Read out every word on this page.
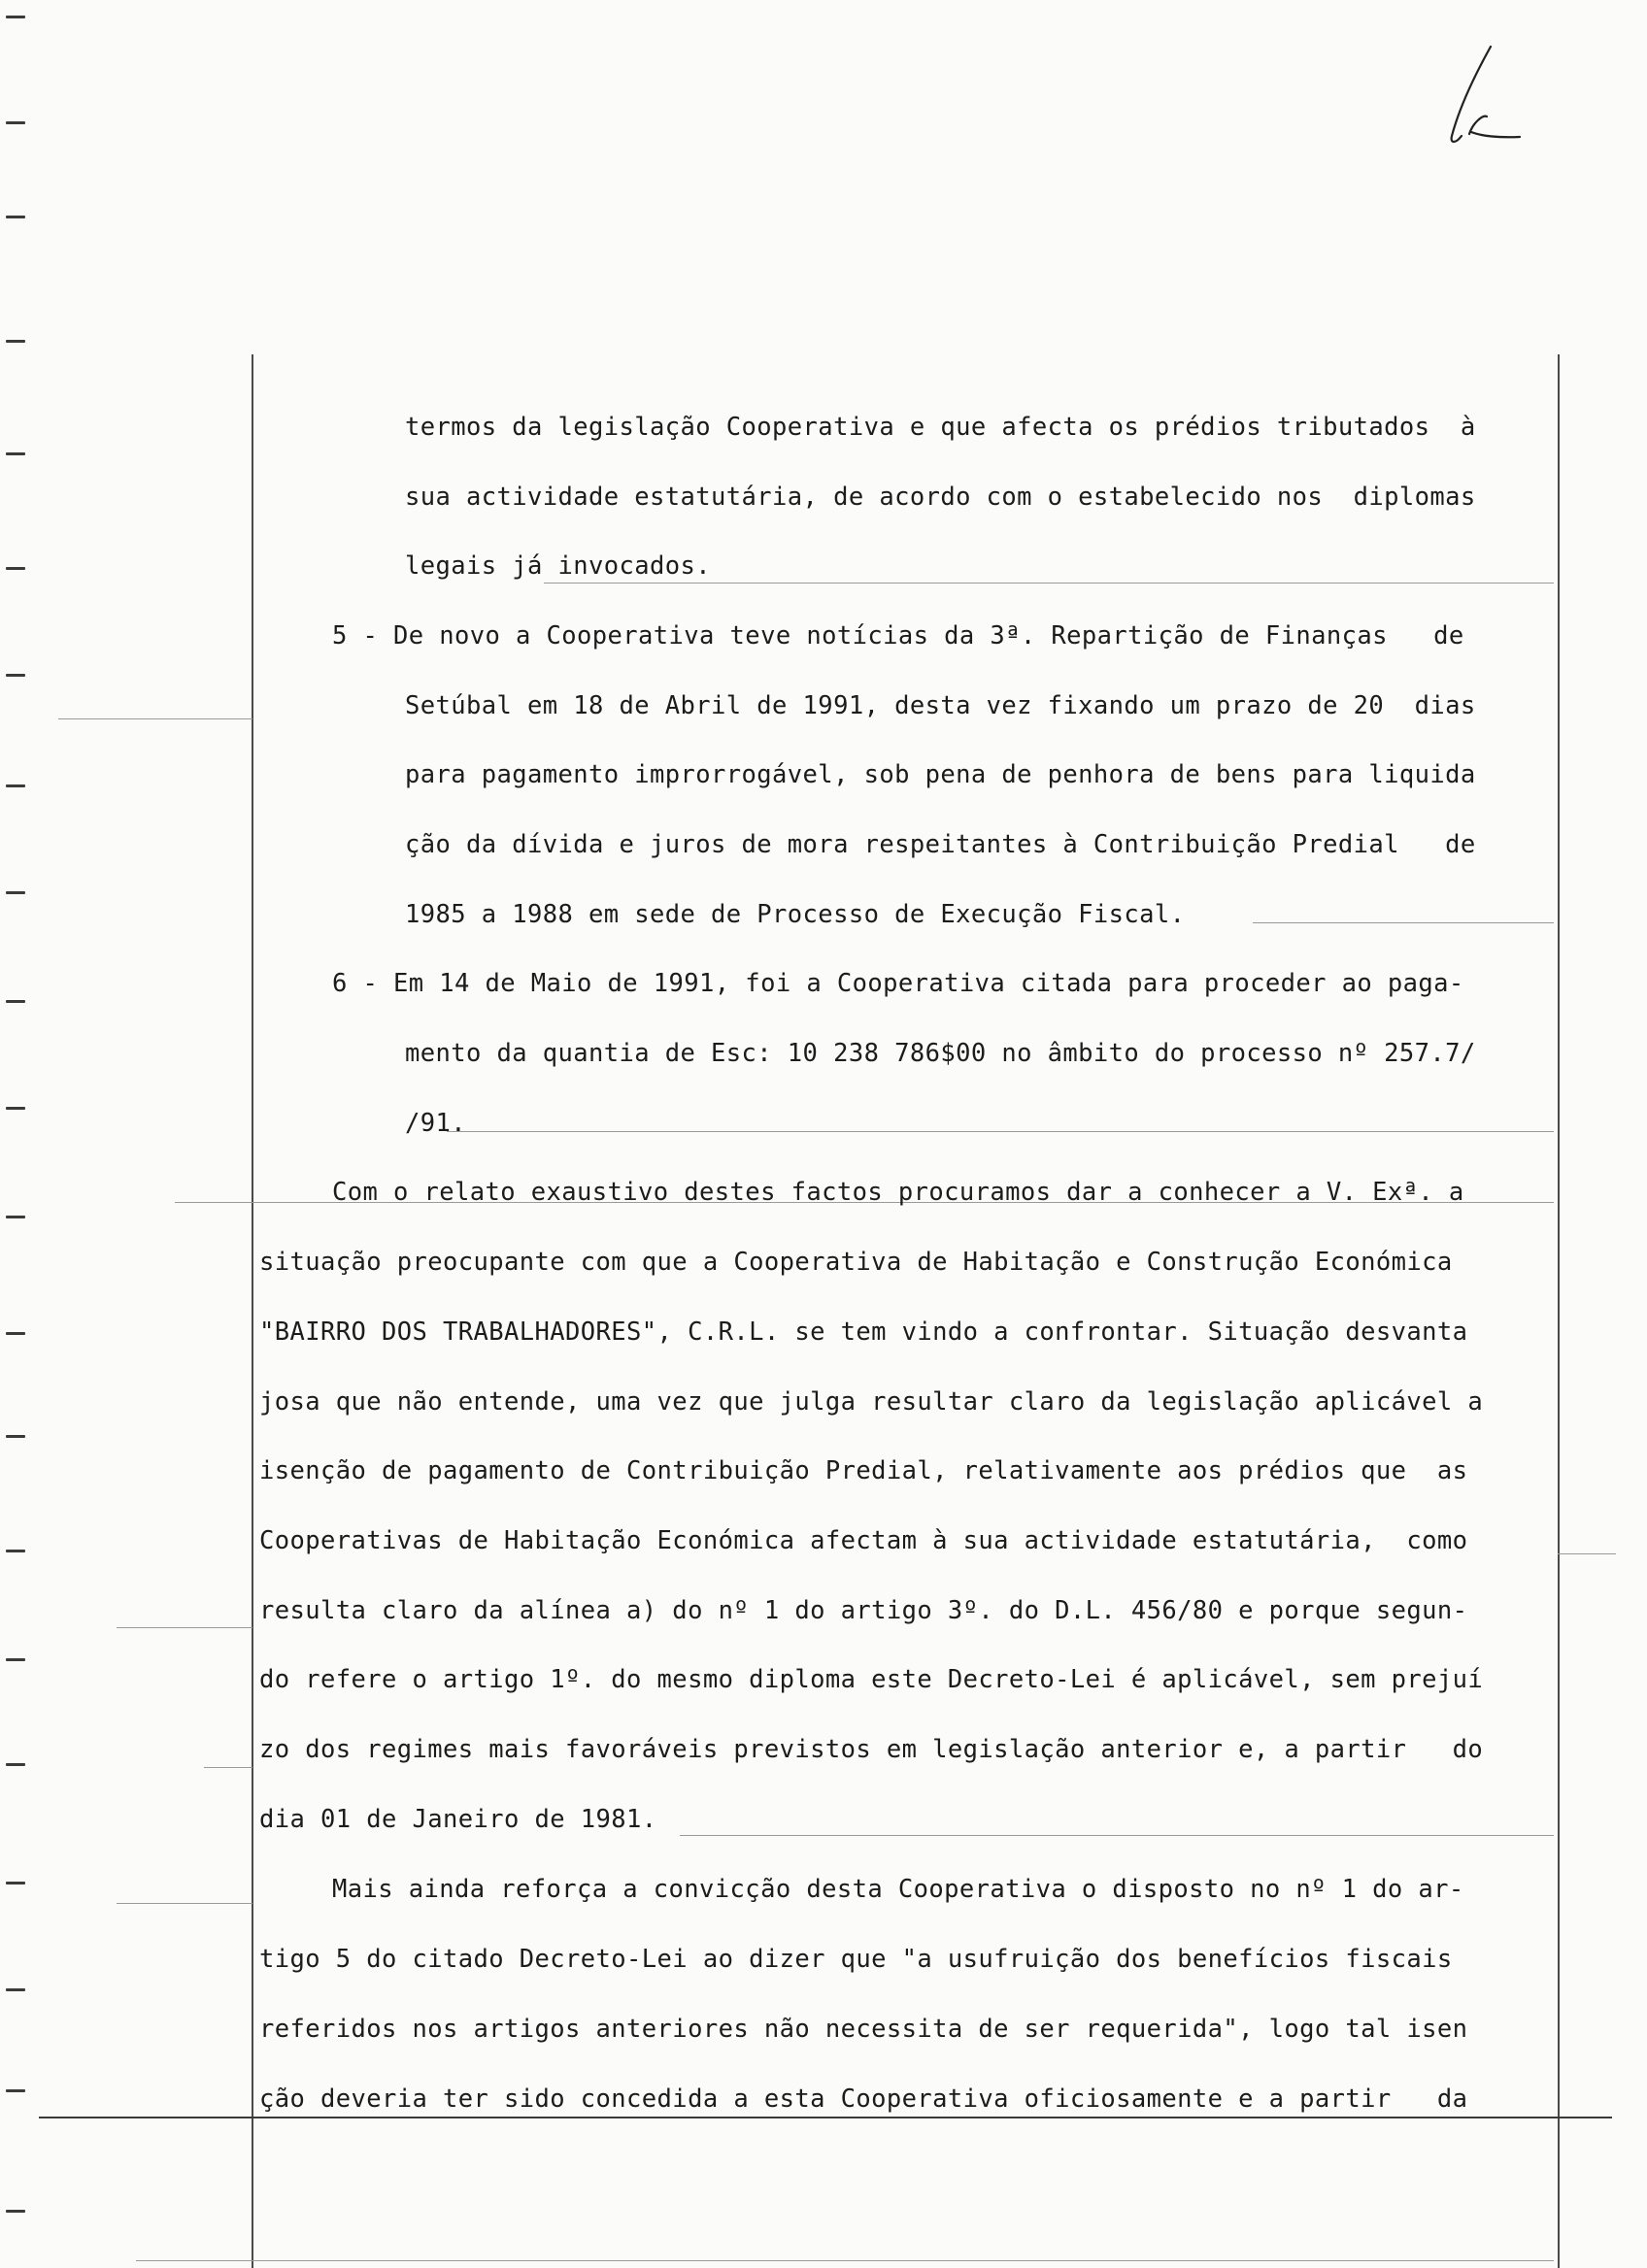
termos da legislação Cooperativa e que afecta os prédios tributados  à
sua actividade estatutária, de acordo com o estabelecido nos  diplomas
legais já invocados.
5 - De novo a Cooperativa teve notícias da 3ª. Repartição de Finanças   de
Setúbal em 18 de Abril de 1991, desta vez fixando um prazo de 20  dias
para pagamento improrrogável, sob pena de penhora de bens para liquida
ção da dívida e juros de mora respeitantes à Contribuição Predial   de
1985 a 1988 em sede de Processo de Execução Fiscal.
6 - Em 14 de Maio de 1991, foi a Cooperativa citada para proceder ao paga-
mento da quantia de Esc: 10 238 786$00 no âmbito do processo nº 257.7/
/91.
Com o relato exaustivo destes factos procuramos dar a conhecer a V. Exª. a
situação preocupante com que a Cooperativa de Habitação e Construção Económica
"BAIRRO DOS TRABALHADORES", C.R.L. se tem vindo a confrontar. Situação desvanta
josa que não entende, uma vez que julga resultar claro da legislação aplicável a
isenção de pagamento de Contribuição Predial, relativamente aos prédios que  as
Cooperativas de Habitação Económica afectam à sua actividade estatutária,  como
resulta claro da alínea a) do nº 1 do artigo 3º. do D.L. 456/80 e porque segun-
do refere o artigo 1º. do mesmo diploma este Decreto-Lei é aplicável, sem prejuí
zo dos regimes mais favoráveis previstos em legislação anterior e, a partir   do
dia 01 de Janeiro de 1981.
Mais ainda reforça a convicção desta Cooperativa o disposto no nº 1 do ar-
tigo 5 do citado Decreto-Lei ao dizer que "a usufruição dos benefícios fiscais
referidos nos artigos anteriores não necessita de ser requerida", logo tal isen
ção deveria ter sido concedida a esta Cooperativa oficiosamente e a partir   da
